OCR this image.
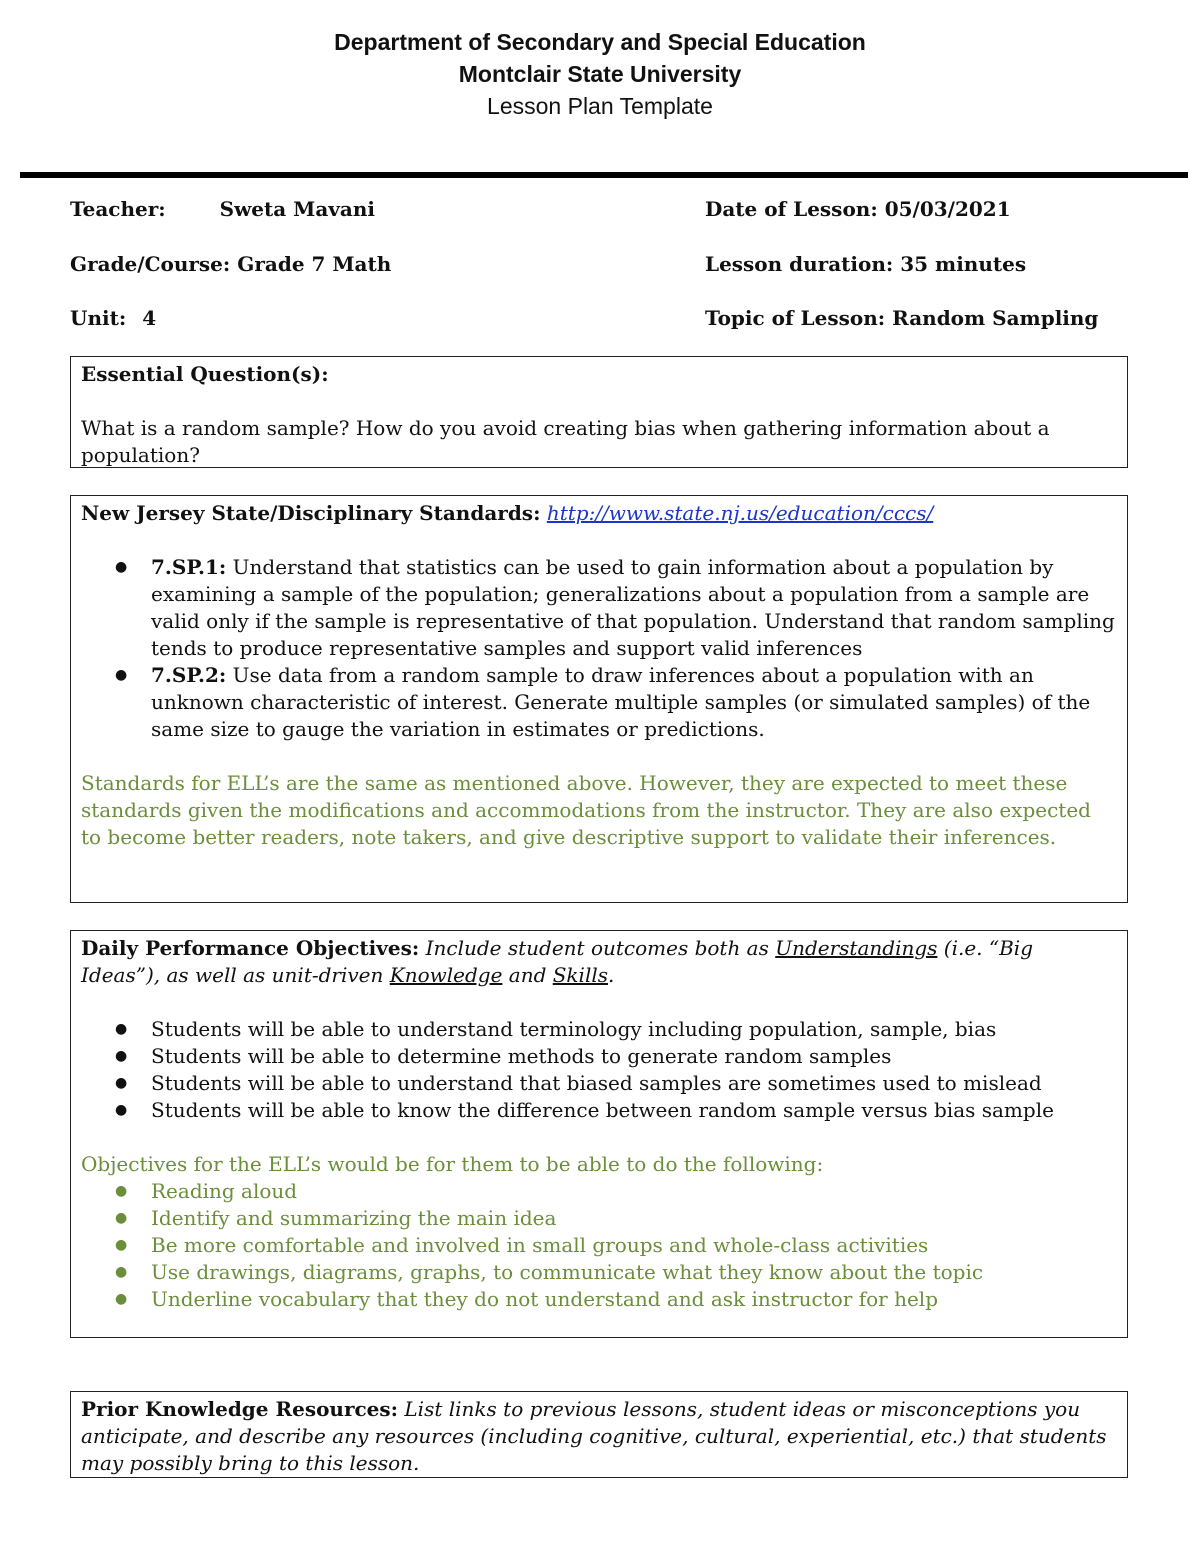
Department of Secondary and Special Education
Montclair State University
Lesson Plan Template
Teacher:	Sweta Mavani	Date of Lesson: 05/03/2021
Grade/Course: Grade 7 Math	Lesson duration: 35 minutes
Unit: 4	Topic of Lesson: Random Sampling

Essential Question(s):

What is a random sample? How do you avoid creating bias when gathering information about a population?

New Jersey State/Disciplinary Standards: http://www.state.nj.us/education/cccs/

● 7.SP.1: Understand that statistics can be used to gain information about a population by examining a sample of the population; generalizations about a population from a sample are valid only if the sample is representative of that population. Understand that random sampling tends to produce representative samples and support valid inferences
● 7.SP.2: Use data from a random sample to draw inferences about a population with an unknown characteristic of interest. Generate multiple samples (or simulated samples) of the same size to gauge the variation in estimates or predictions.

Standards for ELL’s are the same as mentioned above. However, they are expected to meet these standards given the modifications and accommodations from the instructor. They are also expected to become better readers, note takers, and give descriptive support to validate their inferences.

Daily Performance Objectives: Include student outcomes both as Understandings (i.e. “Big Ideas”), as well as unit-driven Knowledge and Skills.

● Students will be able to understand terminology including population, sample, bias
● Students will be able to determine methods to generate random samples
● Students will be able to understand that biased samples are sometimes used to mislead
● Students will be able to know the difference between random sample versus bias sample

Objectives for the ELL’s would be for them to be able to do the following:

● Reading aloud
● Identify and summarizing the main idea
● Be more comfortable and involved in small groups and whole-class activities
● Use drawings, diagrams, graphs, to communicate what they know about the topic
● Underline vocabulary that they do not understand and ask instructor for help

Prior Knowledge Resources: List links to previous lessons, student ideas or misconceptions you anticipate, and describe any resources (including cognitive, cultural, experiential, etc.) that students may possibly bring to this lesson.
